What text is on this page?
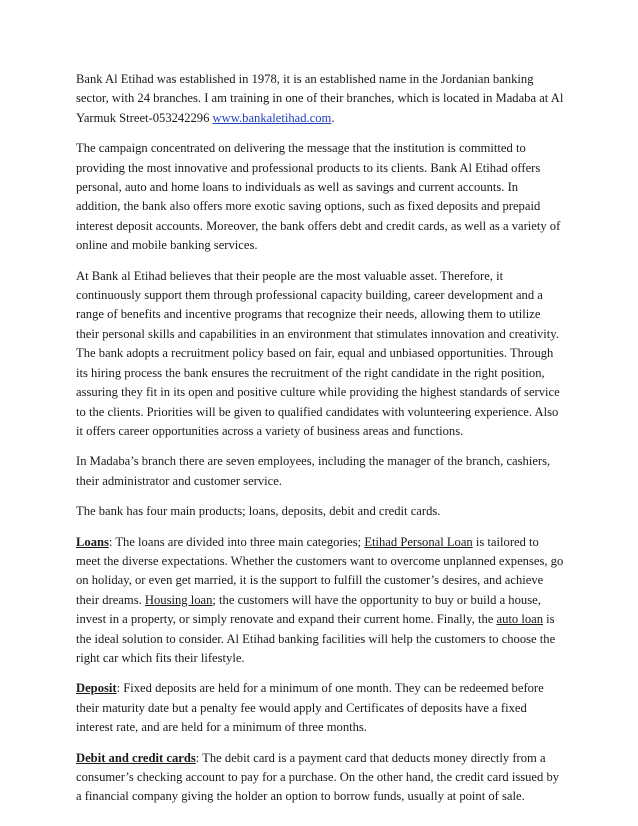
Bank Al Etihad was established in 1978, it is an established name in the Jordanian banking sector, with 24 branches. I am training in one of their branches, which is located in Madaba at Al Yarmuk Street-053242296 www.bankaletihad.com.

The campaign concentrated on delivering the message that the institution is committed to providing the most innovative and professional products to its clients. Bank Al Etihad offers personal, auto and home loans to individuals as well as savings and current accounts. In addition, the bank also offers more exotic saving options, such as fixed deposits and prepaid interest deposit accounts. Moreover, the bank offers debt and credit cards, as well as a variety of online and mobile banking services.

At Bank al Etihad believes that their people are the most valuable asset. Therefore, it continuously support them through professional capacity building, career development and a range of benefits and incentive programs that recognize their needs, allowing them to utilize their personal skills and capabilities in an environment that stimulates innovation and creativity. The bank adopts a recruitment policy based on fair, equal and unbiased opportunities. Through its hiring process the bank ensures the recruitment of the right candidate in the right position, assuring they fit in its open and positive culture while providing the highest standards of service to the clients. Priorities will be given to qualified candidates with volunteering experience. Also it offers career opportunities across a variety of business areas and functions.

In Madaba’s branch there are seven employees, including the manager of the branch, cashiers, their administrator and customer service.

The bank has four main products; loans, deposits, debit and credit cards.

Loans: The loans are divided into three main categories; Etihad Personal Loan is tailored to meet the diverse expectations. Whether the customers want to overcome unplanned expenses, go on holiday, or even get married, it is the support to fulfill the customer’s desires, and achieve their dreams. Housing loan; the customers will have the opportunity to buy or build a house, invest in a property, or simply renovate and expand their current home. Finally, the auto loan is the ideal solution to consider. Al Etihad banking facilities will help the customers to choose the right car which fits their lifestyle.

Deposit: Fixed deposits are held for a minimum of one month. They can be redeemed before their maturity date but a penalty fee would apply and Certificates of deposits have a fixed interest rate, and are held for a minimum of three months.

Debit and credit cards: The debit card is a payment card that deducts money directly from a consumer’s checking account to pay for a purchase. On the other hand, the credit card issued by a financial company giving the holder an option to borrow funds, usually at point of sale.
